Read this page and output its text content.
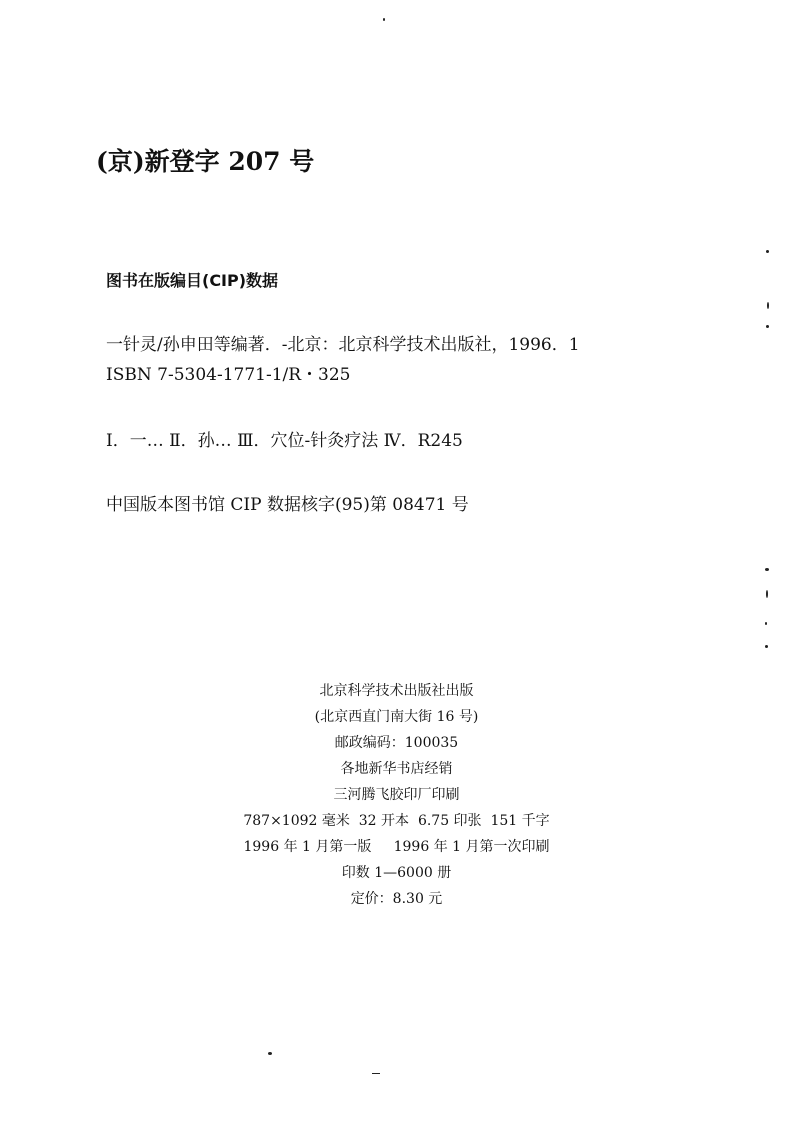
(京)新登字 207 号
图书在版编目(CIP)数据
一针灵/孙申田等编著．-北京：北京科学技术出版社，1996．1
ISBN 7-5304-1771-1/R・325
Ⅰ．一… Ⅱ．孙… Ⅲ．穴位-针灸疗法 Ⅳ．R245
中国版本图书馆 CIP 数据核字(95)第 08471 号
北京科学技术出版社出版
(北京西直门南大街 16 号)
邮政编码：100035
各地新华书店经销
三河腾飞胶印厂印刷
787×1092 毫米  32 开本  6.75 印张  151 千字
1996 年 1 月第一版     1996 年 1 月第一次印刷
印数 1—6000 册
定价：8.30 元
